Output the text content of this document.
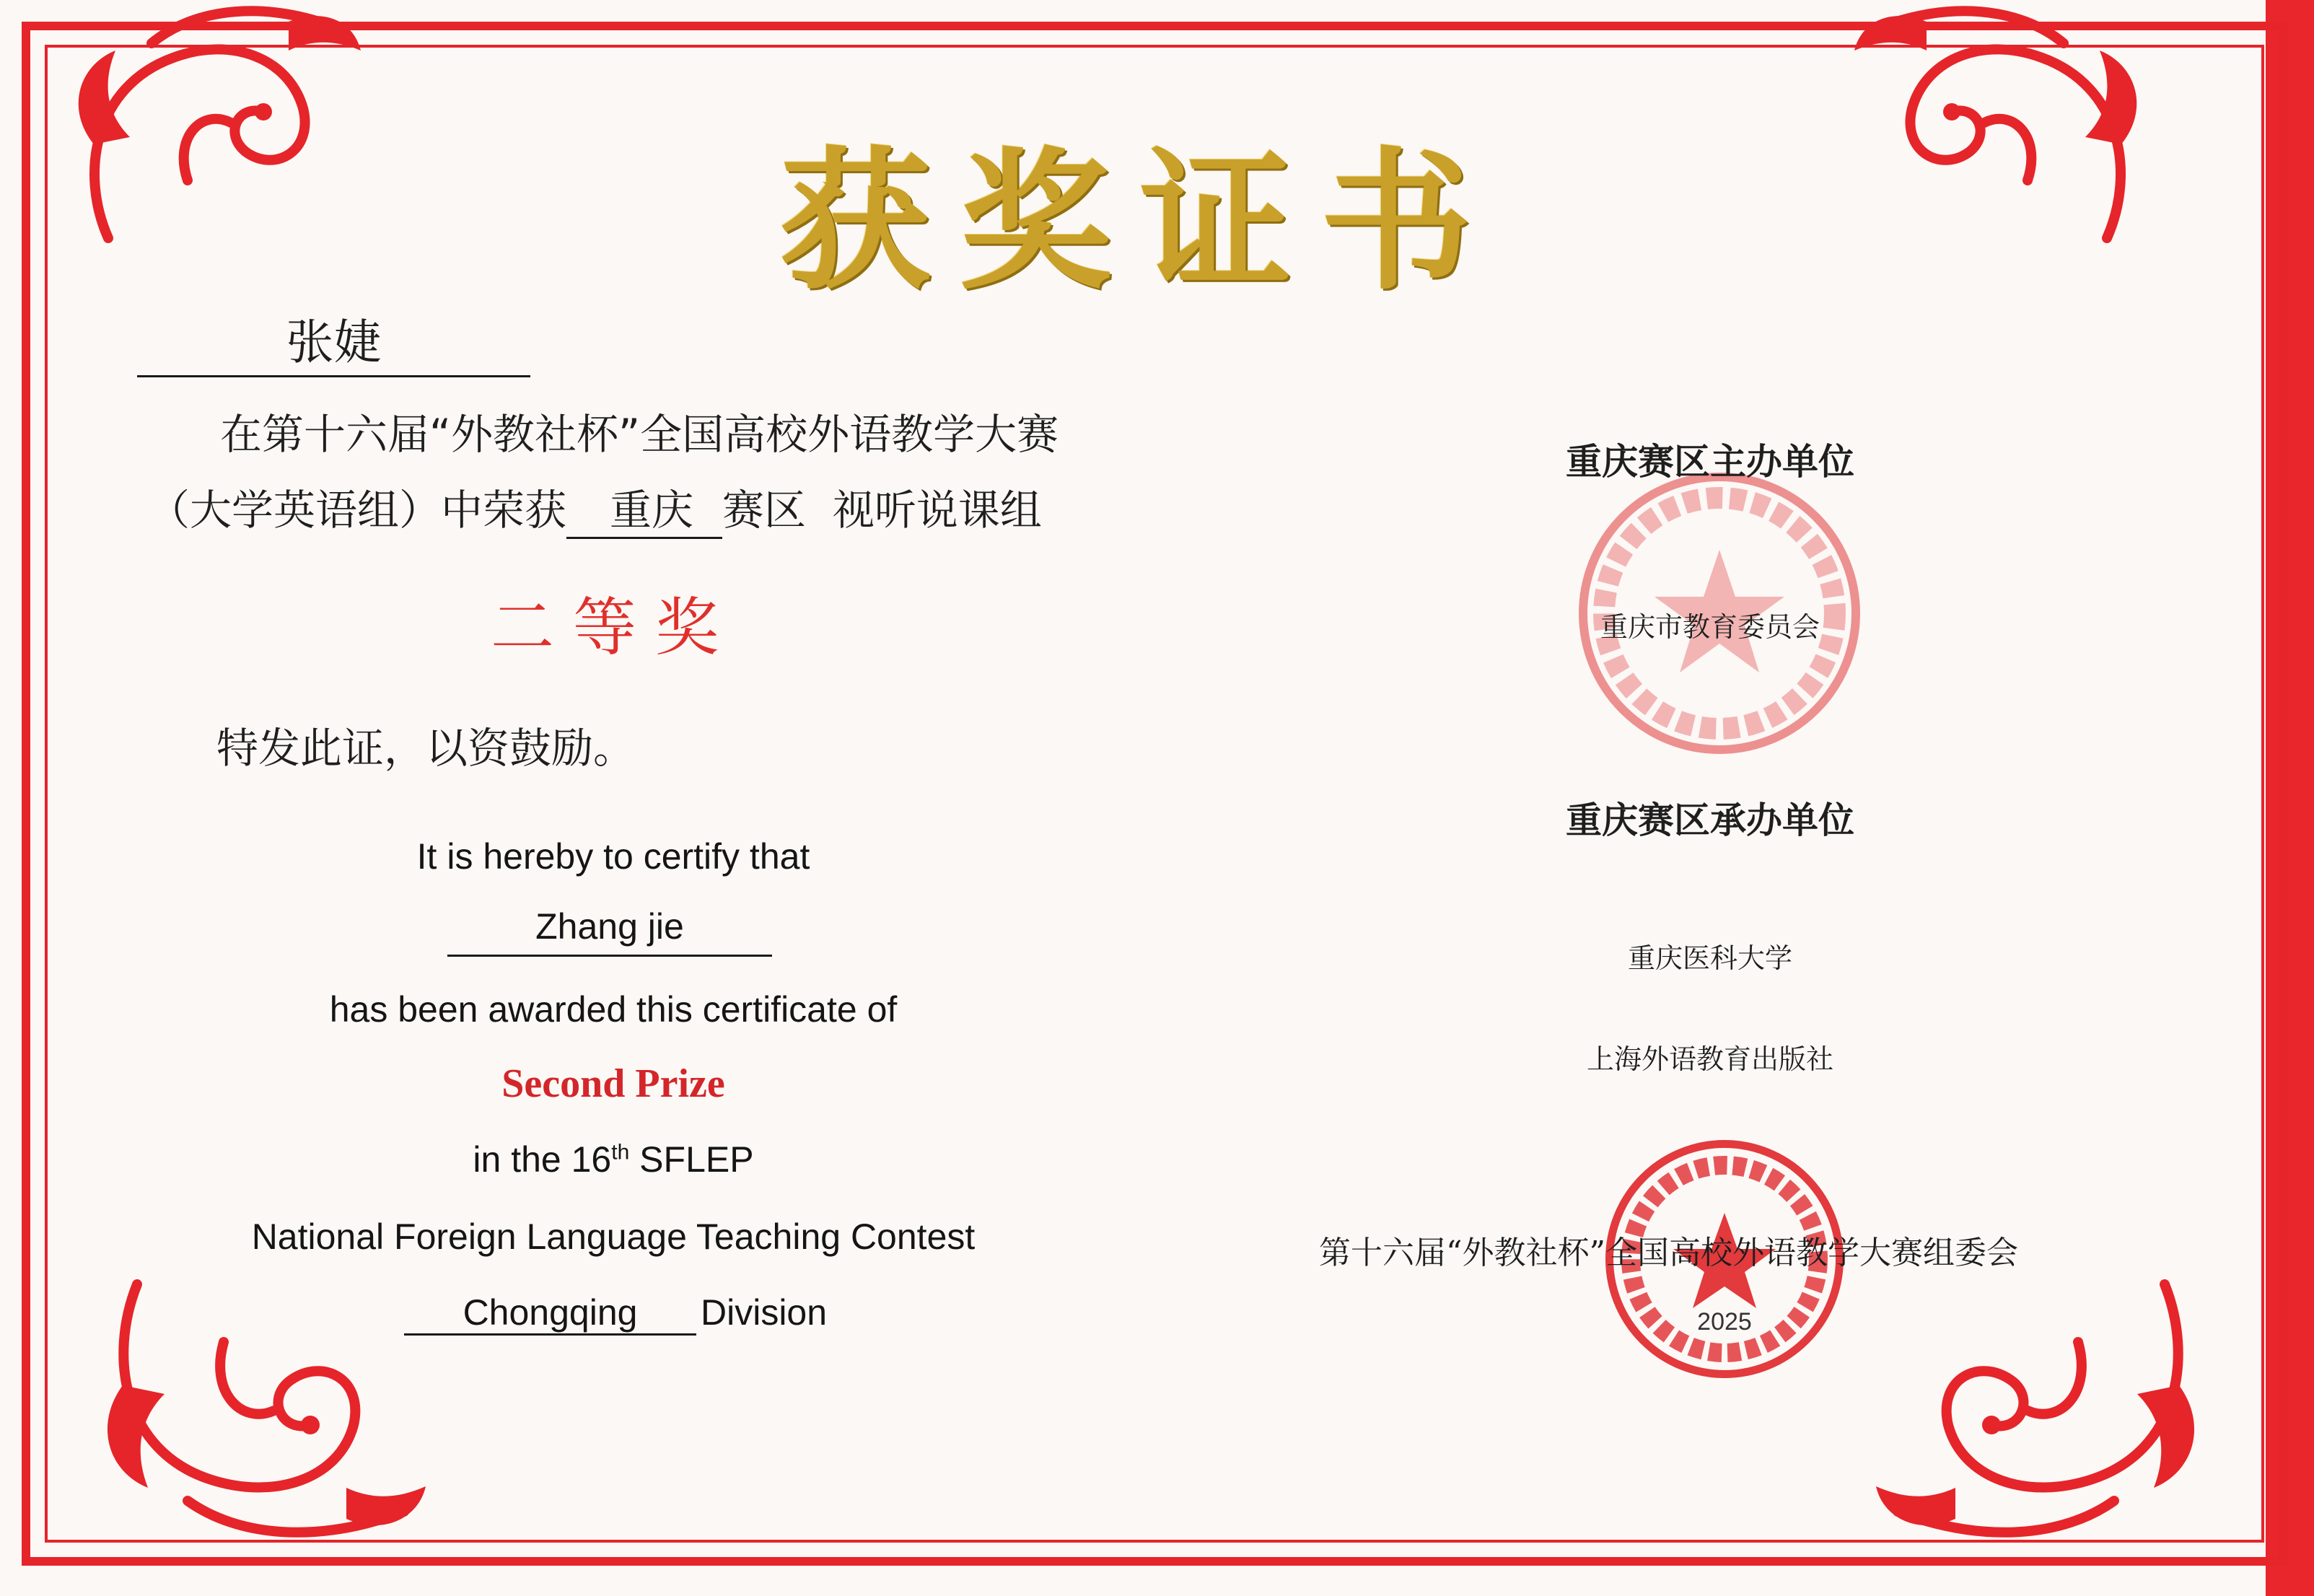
获奖证书
张婕
在第十六届“外教社杯”全国高校外语教学大赛
（大学英语组）中荣获 重庆 赛区  视听说课组
二等奖
特发此证，以资鼓励。
It is hereby to certify that
Zhang jie
has been awarded this certificate of
Second Prize
in the 16th SFLEP
National Foreign Language Teaching Contest
Chongqing Division
重庆赛区主办单位
重庆市教育委员会
重庆赛区承办单位
重庆医科大学
上海外语教育出版社
2025
第十六届“外教社杯”全国高校外语教学大赛组委会
